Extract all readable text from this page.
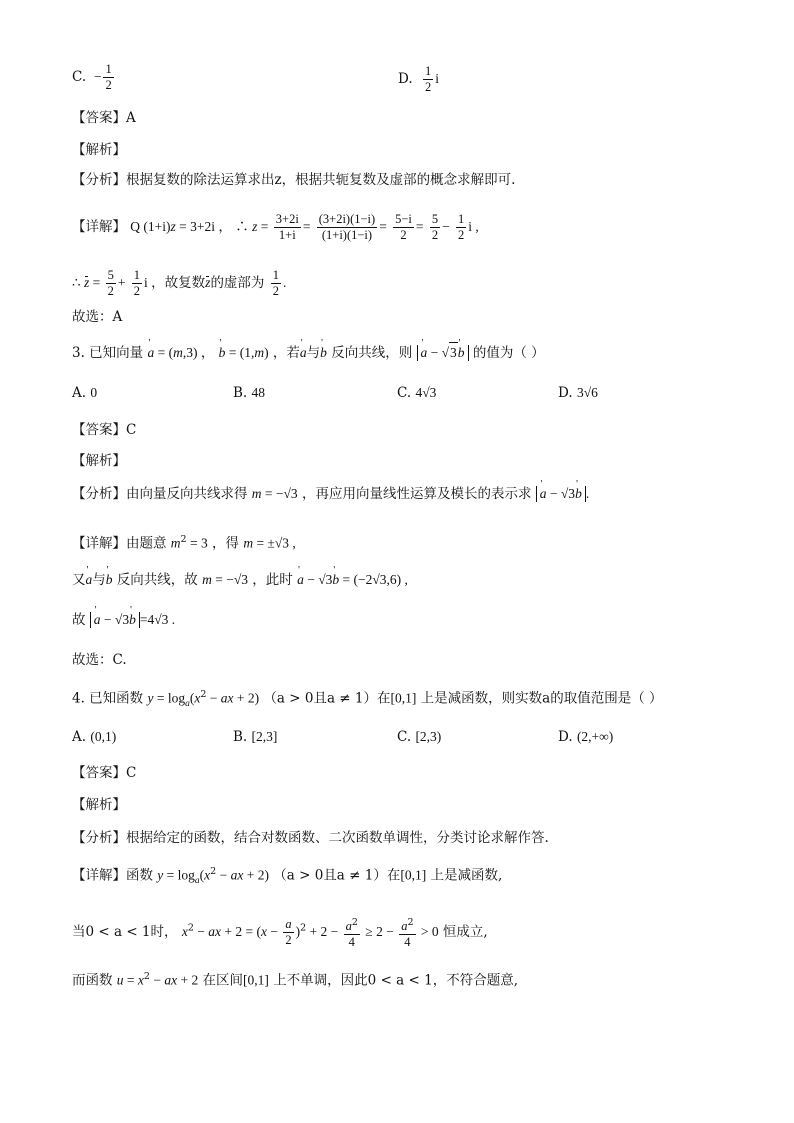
C.  − $\frac{1}{2}$	D. $\frac{1}{2}$ i
【答案】A
【解析】
【分析】根据复数的除法运算求出z，根据共轭复数及虚部的概念求解即可.
【详解】 Q (1+i)z = 3+2i ， ∴ $z = \frac{3+2i}{1+i} = \frac{(3+2i)(1-i)}{(1+i)(1-i)} = \frac{5-i}{2} = \frac{5}{2} - \frac{1}{2}$ i ,
∴ $z = \frac{5}{2} + \frac{1}{2}$ i ，故复数z的虚部为 $\frac{1}{2}$ .
故选：A
3. 已知向量 ' a = (m,3) ， ' b = (1,m) ，若' a与' b 反向共线，则 ' a − √ 3 ' b 的值为（ ）
A. 0	B. 48	C. 4√3	D. 3√6
【答案】C
【解析】
【分析】由向量反向共线求得 m = −√3 ，再应用向量线性运算及模长的表示求 ' a − √3' b .
【详解】由题意 $m^2 = 3$ ，得 m = ±√3 ,
又' a与' b 反向共线，故 m = −√3 ，此时 ' a − √3' b = (−2√3,6) ,
故 ' a − √3' b =4√3 .
故选：C.
4. 已知函数 $y = \log_a(x^2$ − ax + 2) （a > 0且a ≠ 1）在[0,1] 上是减函数，则实数a的取值范围是（ ）
A. (0,1)	B. [2,3]	C. [2,3)	D. (2,+∞)
【答案】C
【解析】
【分析】根据给定的函数，结合对数函数、二次函数单调性，分类讨论求解作答.
【详解】函数 $y = \log_a(x^2$ − ax + 2) （a > 0且a ≠ 1）在[0,1] 上是减函数,
当0 < a < 1时， $x^2$ − ax + $2 = (x - \frac{a}{2} )^2 + 2 - \frac{a^2}{4} \ge 2 - \frac{a^2}{4} > 0$ 恒成立,
而函数 $u = x^2$ − ax + 2 在区间[0,1] 上不单调，因此0 < a < 1，不符合题意,
